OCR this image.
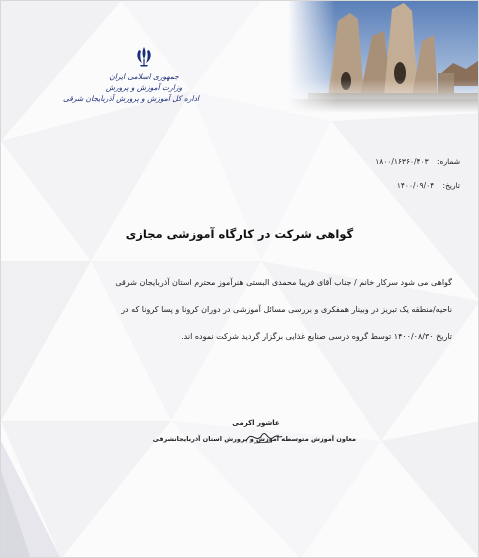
جمهوری اسلامی ایران
وزارت آموزش و پرورش
اداره کل آموزش و پرورش آذربایجان شرقی
شماره: ۱۸۰۰/۱۶۳۶۰/۴۰۳
تاریخ: ۱۴۰۰/۰۹/۰۴
گواهی شرکت در کارگاه آموزشی مجازی
گواهی می شود سرکار خانم / جناب آقای فریبا محمدی البستی هنرآموز محترم استان آذربایجان شرقی
ناحیه/منطقه یک تبریز در وبینار همفکری و بررسی مسائل آموزشی در دوران کرونا و پسا کرونا که در
تاریخ ۱۴۰۰/۰۸/۳۰ توسط گروه درسی صنایع غذایی برگزار گردید شرکت نموده اند.
عاشور اکرمی
معاون آموزش متوسطه آموزش و پرورش استان آذربایجانشرقی
